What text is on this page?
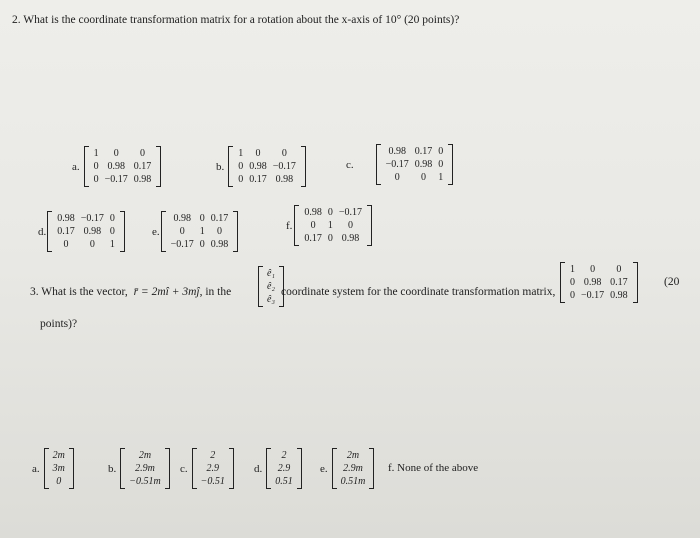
2. What is the coordinate transformation matrix for a rotation about the x-axis of 10° (20 points)?
a.
1	0	0
0 0.98 0.17
0 −0.17 0.98
b.
1	0	0
0 0.98 −0.17
0 0.17 0.98
c.
0.98 0.17 0
−0.17 0.98 0
0	0	1
d.
0.98 −0.17 0
0.17 0.98 0
0	0	1
e.
0.98 0 0.17
0	1	0
−0.17 0 0.98
f.
0.98 0 −0.17
0	1	0
0.17 0 0.98
3. What is the vector, r̄ = 2mî + 3mĵ, in the
ê₁
ê₂
ê₃
coordinate system for the coordinate transformation matrix,
1	0	0
0 0.98 0.17
0 −0.17 0.98
(20
points)?
a.
2m
3m
0
b.
2m
2.9m
−0.51m
c.
2
2.9
−0.51
d.
2
2.9
0.51
e.
2m
2.9m
0.51m
f. None of the above
